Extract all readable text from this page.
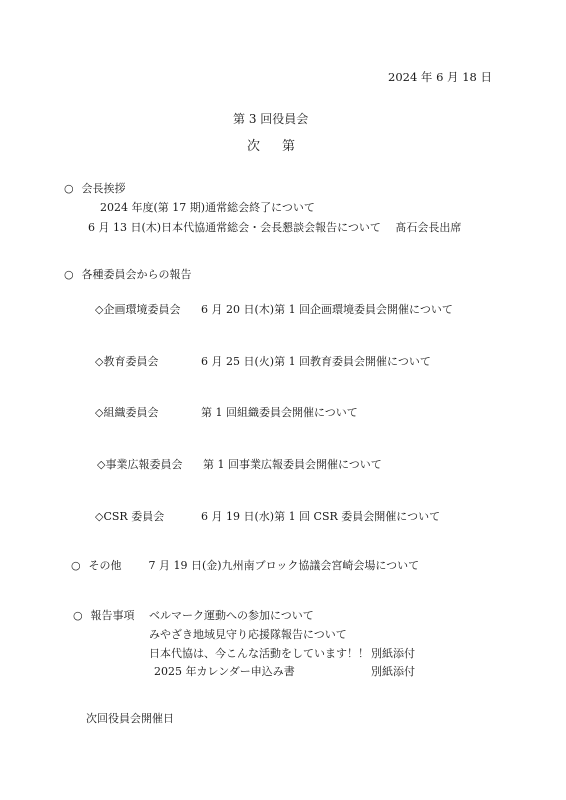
2024 年 6 月 18 日
第 3 回役員会
次第
○ 会長挨拶
2024 年度(第 17 期)通常総会終了について
6 月 13 日(木)日本代協通常総会・会長懇談会報告について　 髙石会長出席
○ 各種委員会からの報告
◇企画環境委員会 6 月 20 日(木)第 1 回企画環境委員会開催について
◇教育委員会	6 月 25 日(火)第 1 回教育委員会開催について
◇組織委員会	第 1 回組織委員会開催について
◇事業広報委員会 第 1 回事業広報委員会開催について
◇CSR 委員会	6 月 19 日(水)第 1 回 CSR 委員会開催について
○ その他 7 月 19 日(金)九州南ブロック協議会宮崎会場について
○ 報告事項 ベルマーク運動への参加について
みやざき地域見守り応援隊報告について
日本代協は、今こんな活動をしています！！ 別紙添付
2025 年カレンダー申込み書	別紙添付
次回役員会開催日
